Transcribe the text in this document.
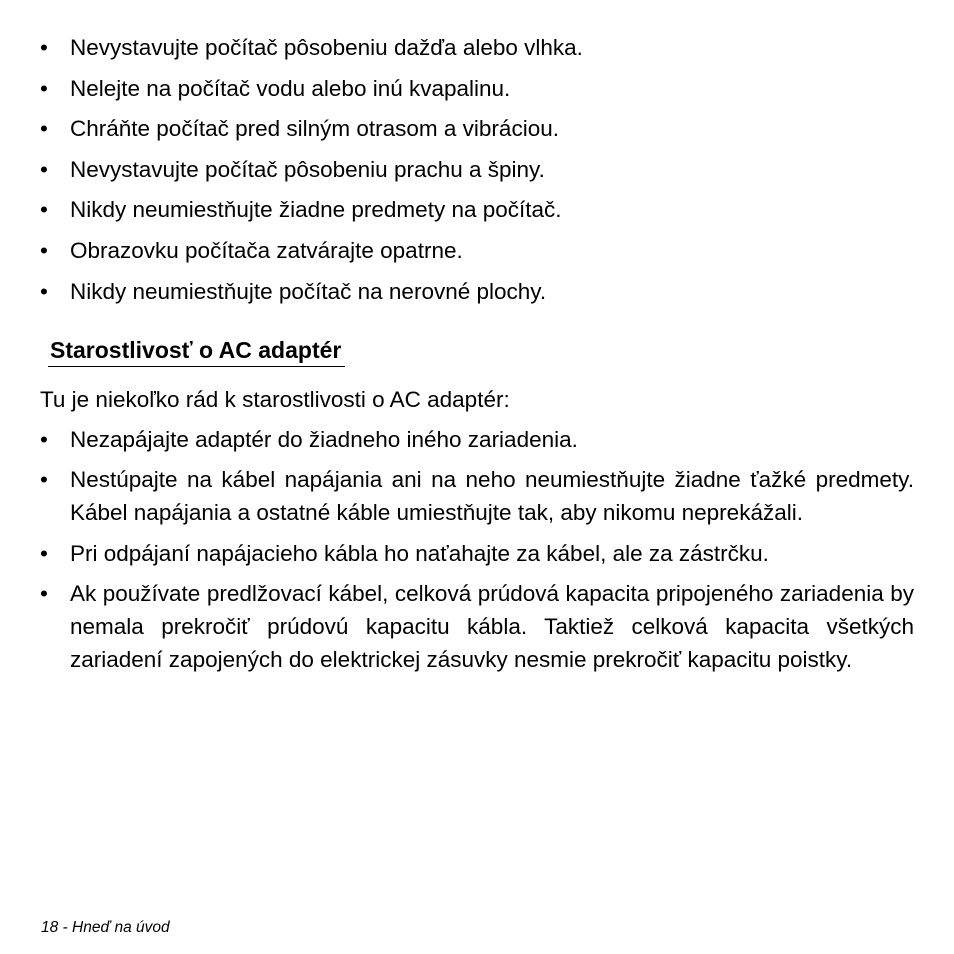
• Nevystavujte počítač pôsobeniu dažďa alebo vlhka.
• Nelejte na počítač vodu alebo inú kvapalinu.
• Chráňte počítač pred silným otrasom a vibráciou.
• Nevystavujte počítač pôsobeniu prachu a špiny.
• Nikdy neumiestňujte žiadne predmety na počítač.
• Obrazovku počítača zatvárajte opatrne.
• Nikdy neumiestňujte počítač na nerovné plochy.
Starostlivosť o AC adaptér
Tu je niekoľko rád k starostlivosti o AC adaptér:
• Nezapájajte adaptér do žiadneho iného zariadenia.
• Nestúpajte na kábel napájania ani na neho neumiestňujte žiadne ťažké predmety. Kábel napájania a ostatné káble umiestňujte tak, aby nikomu neprekážali.
• Pri odpájaní napájacieho kábla ho naťahajte za kábel, ale za zástrčku.
• Ak používate predlžovací kábel, celková prúdová kapacita pripojeného zariadenia by nemala prekročiť prúdovú kapacitu kábla. Taktiež celková kapacita všetkých zariadení zapojených do elektrickej zásuvky nesmie prekročiť kapacitu poistky.
18 - Hneď na úvod
